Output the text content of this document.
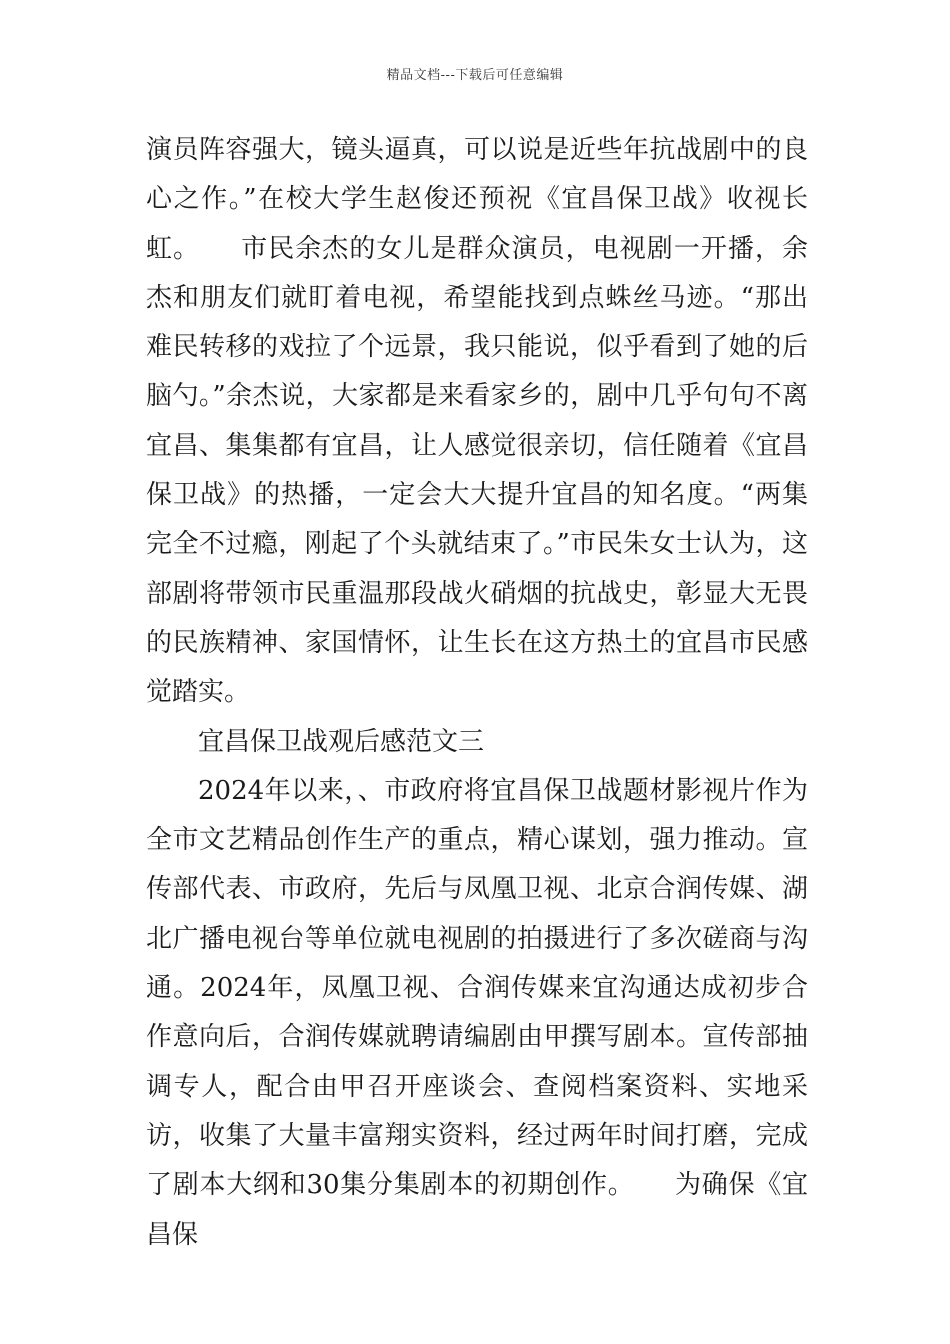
精品文档---下载后可任意编辑

演员阵容强大，镜头逼真，可以说是近些年抗战剧中的良心之作。”在校大学生赵俊还预祝《宜昌保卫战》收视长虹。　　市民余杰的女儿是群众演员，电视剧一开播，余杰和朋友们就盯着电视，希望能找到点蛛丝马迹。“那出难民转移的戏拉了个远景，我只能说，似乎看到了她的后脑勺。”余杰说，大家都是来看家乡的，剧中几乎句句不离宜昌、集集都有宜昌，让人感觉很亲切，信任随着《宜昌保卫战》的热播，一定会大大提升宜昌的知名度。“两集完全不过瘾，刚起了个头就结束了。”市民朱女士认为，这部剧将带领市民重温那段战火硝烟的抗战史，彰显大无畏的民族精神、家国情怀，让生长在这方热土的宜昌市民感觉踏实。

宜昌保卫战观后感范文三

2024年以来，、市政府将宜昌保卫战题材影视片作为全市文艺精品创作生产的重点，精心谋划，强力推动。宣传部代表、市政府，先后与凤凰卫视、北京合润传媒、湖北广播电视台等单位就电视剧的拍摄进行了多次磋商与沟通。2024年，凤凰卫视、合润传媒来宜沟通达成初步合作意向后，合润传媒就聘请编剧由甲撰写剧本。宣传部抽调专人，配合由甲召开座谈会、查阅档案资料、实地采访，收集了大量丰富翔实资料，经过两年时间打磨，完成了剧本大纲和30集分集剧本的初期创作。　　为确保《宜昌保
